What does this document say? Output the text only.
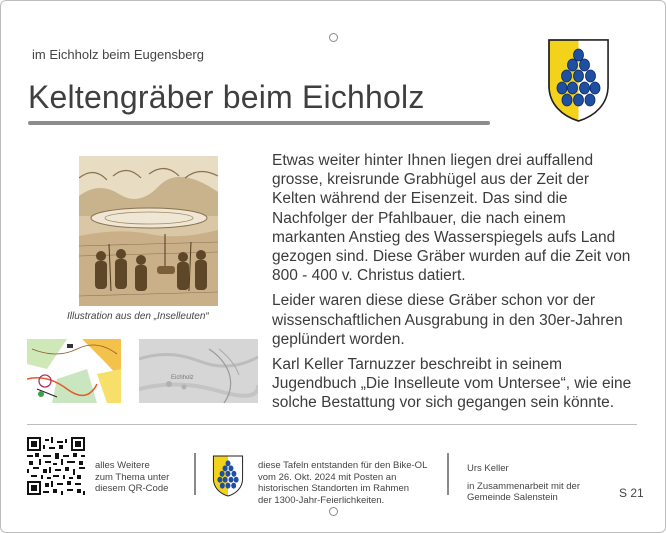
im Eichholz beim Eugensberg
Keltengräber beim Eichholz
Illustration aus den „Inselleuten“
Eichholz

Etwas weiter hinter Ihnen liegen drei auffallend grosse, kreisrunde Grabhügel aus der Zeit der Kelten während der Eisenzeit. Das sind die Nachfolger der Pfahlbauer, die nach einem markanten Anstieg des Wasserspiegels aufs Land gezogen sind. Diese Gräber wurden auf die Zeit von 800 - 400 v. Christus datiert.

Leider waren diese diese Gräber schon vor der wissenschaftlichen Ausgrabung in den 30er-Jahren geplündert worden.

Karl Keller Tarnuzzer beschreibt in seinem Jugendbuch „Die Inselleute vom Untersee“, wie eine solche Bestattung vor sich gegangen sein könnte.

alles Weitere
zum Thema unter
diesem QR-Code
diese Tafeln entstanden für den Bike-OL
vom 26. Okt. 2024 mit Posten an
historischen Standorten im Rahmen
der 1300-Jahr-Feierlichkeiten.
Urs Keller
in Zusammenarbeit mit der
Gemeinde Salenstein	S 21
